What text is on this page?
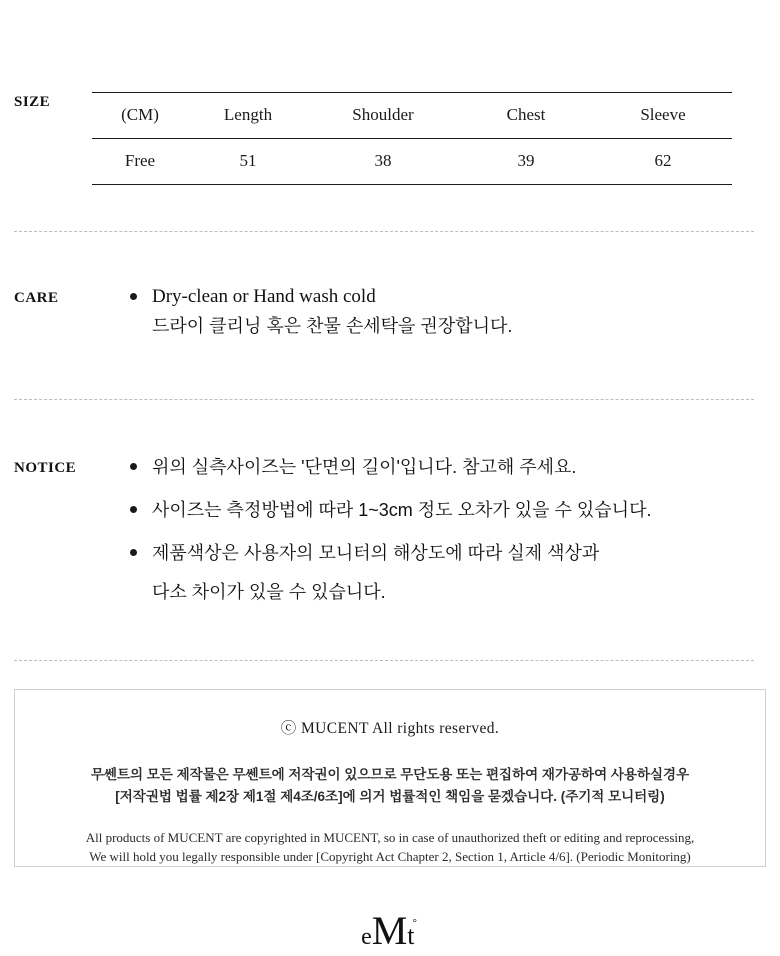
SIZE
(CM)	Length	Shoulder	Chest	Sleeve
Free	51	38	39	62
CARE	Dry-clean or Hand wash cold
드라이 클리닝 혹은 찬물 손세탁을 권장합니다.
NOTICE	위의 실측사이즈는 '단면의 길이'입니다. 참고해 주세요.
사이즈는 측정방법에 따라 1~3cm 정도 오차가 있을 수 있습니다.
제품색상은 사용자의 모니터의 해상도에 따라 실제 색상과
다소 차이가 있을 수 있습니다.
ⓒ MUCENT All rights reserved.
무쎈트의 모든 제작물은 무쎈트에 저작권이 있으므로 무단도용 또는 편집하여 재가공하여 사용하실경우
[저작권법 법률 제2장 제1절 제4조/6조]에 의거 법률적인 책임을 묻겠습니다. (주기적 모니터링)
All products of MUCENT are copyrighted in MUCENT, so in case of unauthorized theft or editing and reprocessing,
We will hold you legally responsible under [Copyright Act Chapter 2, Section 1, Article 4/6]. (Periodic Monitoring)
eMt°
